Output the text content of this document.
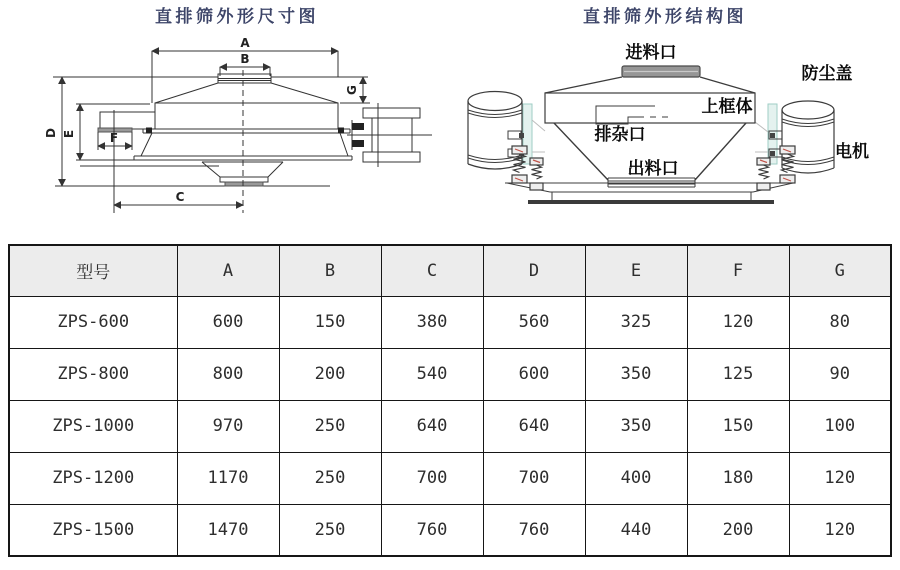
直排筛外形尺寸图
A
B
C
D E	F
G
直排筛外形结构图
进料口
防尘盖
上框体
排杂口
出料口
电机
型号	A	B	C	D	E	F	G
ZPS-600	600	150	380	560	325	120	80
ZPS-800	800	200	540	600	350	125	90
ZPS-1000	970	250	640	640	350	150	100
ZPS-1200	1170	250	700	700	400	180	120
ZPS-1500	1470	250	760	760	440	200	120
